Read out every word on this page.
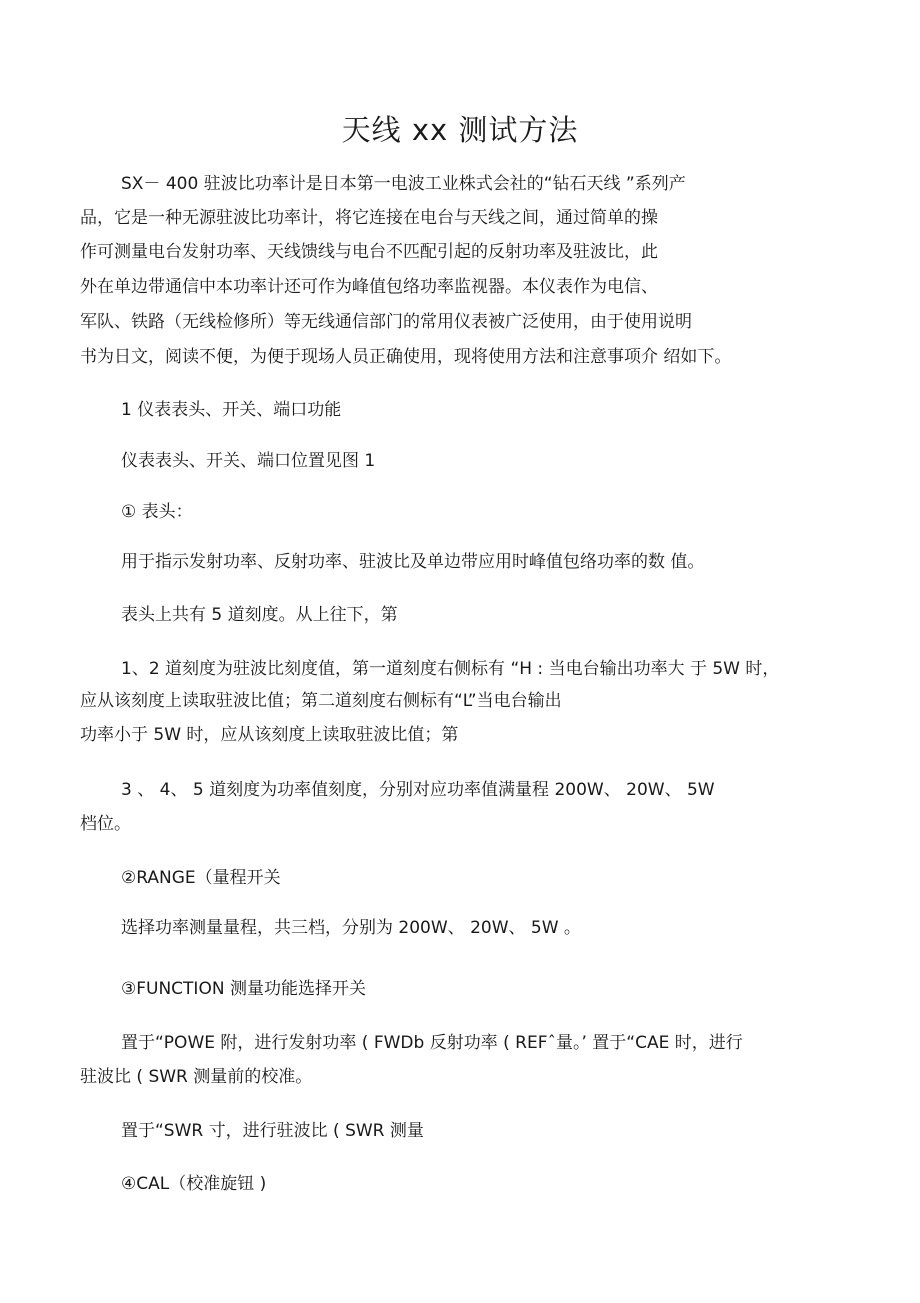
天线 xx 测试方法
SX－ 400 驻波比功率计是日本第一电波工业株式会社的“钻石天线 ”系列产
品，它是一种无源驻波比功率计，将它连接在电台与天线之间，通过简单的操
作可测量电台发射功率、天线馈线与电台不匹配引起的反射功率及驻波比，此
外在单边带通信中本功率计还可作为峰值包络功率监视器。本仪表作为电信、
军队、铁路（无线检修所）等无线通信部门的常用仪表被广泛使用，由于使用说明
书为日文，阅读不便，为便于现场人员正确使用，现将使用方法和注意事项介 绍如下。
1 仪表表头、开关、端口功能
仪表表头、开关、端口位置见图 1
① 表头：
用于指示发射功率、反射功率、驻波比及单边带应用时峰值包络功率的数 值。
表头上共有 5 道刻度。从上往下，第
1、2 道刻度为驻波比刻度值，第一道刻度右侧标有 “H : 当电台输出功率大 于 5W 时，
应从该刻度上读取驻波比值；第二道刻度右侧标有“L”当电台输出
功率小于 5W 时，应从该刻度上读取驻波比值；第
3 、 4、 5 道刻度为功率值刻度，分别对应功率值满量程 200W、 20W、 5W
档位。
②RANGE（量程开关
选择功率测量量程，共三档，分别为 200W、 20W、 5W 。
③FUNCTION 测量功能选择开关
置于“POWE 附，进行发射功率 ( FWDb 反射功率 ( REFˆ量。’ 置于“CAE 时，进行
驻波比 ( SWR 测量前的校准。
置于“SWR 寸，进行驻波比 ( SWR 测量
④CAL（校准旋钮 )
